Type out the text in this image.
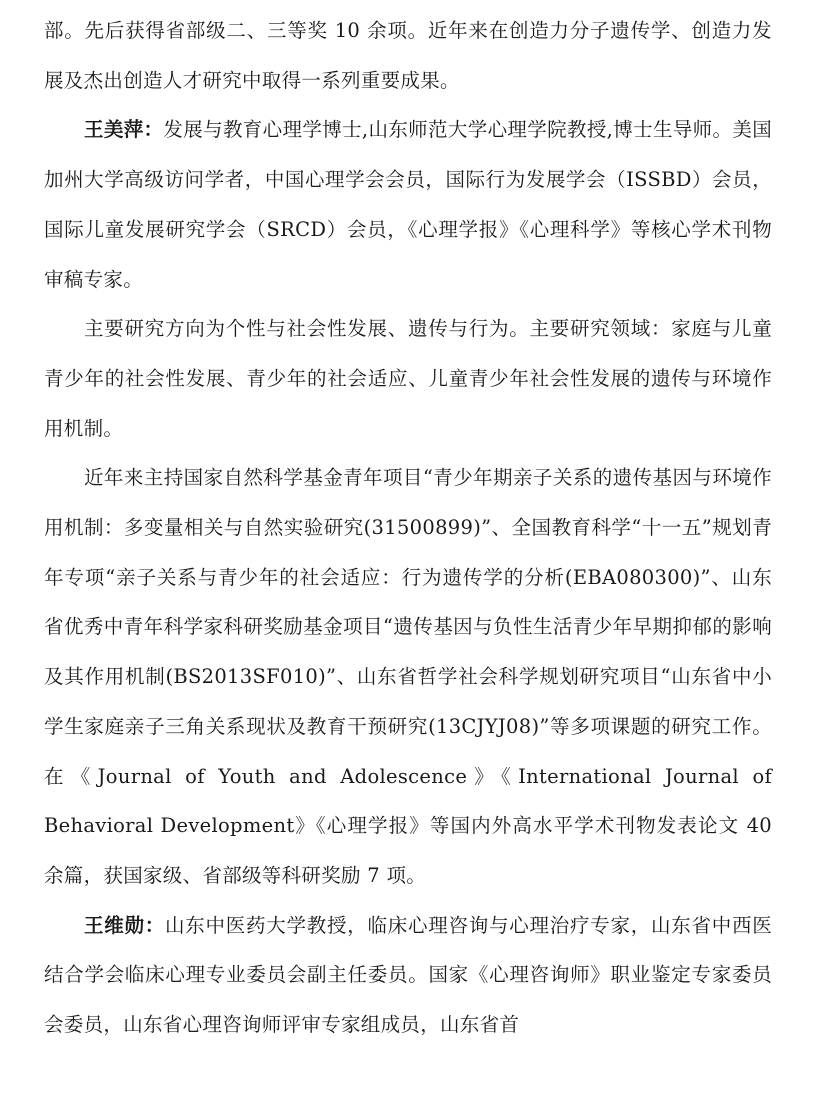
部。先后获得省部级二、三等奖 10 余项。近年来在创造力分子遗传学、创造力发展及杰出创造人才研究中取得一系列重要成果。

王美萍：发展与教育心理学博士,山东师范大学心理学院教授,博士生导师。美国加州大学高级访问学者，中国心理学会会员，国际行为发展学会（ISSBD）会员，国际儿童发展研究学会（SRCD）会员，《心理学报》《心理科学》等核心学术刊物审稿专家。

主要研究方向为个性与社会性发展、遗传与行为。主要研究领域：家庭与儿童青少年的社会性发展、青少年的社会适应、儿童青少年社会性发展的遗传与环境作用机制。

近年来主持国家自然科学基金青年项目“青少年期亲子关系的遗传基因与环境作用机制：多变量相关与自然实验研究(31500899)”、全国教育科学“十一五”规划青年专项“亲子关系与青少年的社会适应：行为遗传学的分析(EBA080300)”、山东省优秀中青年科学家科研奖励基金项目“遗传基因与负性生活青少年早期抑郁的影响及其作用机制(BS2013SF010)”、山东省哲学社会科学规划研究项目“山东省中小学生家庭亲子三角关系现状及教育干预研究(13CJYJ08)”等多项课题的研究工作。在《Journal of Youth and Adolescence》《International Journal of Behavioral Development》《心理学报》等国内外高水平学术刊物发表论文 40 余篇，获国家级、省部级等科研奖励 7 项。

王维勋：山东中医药大学教授，临床心理咨询与心理治疗专家，山东省中西医结合学会临床心理专业委员会副主任委员。国家《心理咨询师》职业鉴定专家委员会委员，山东省心理咨询师评审专家组成员，山东省首
